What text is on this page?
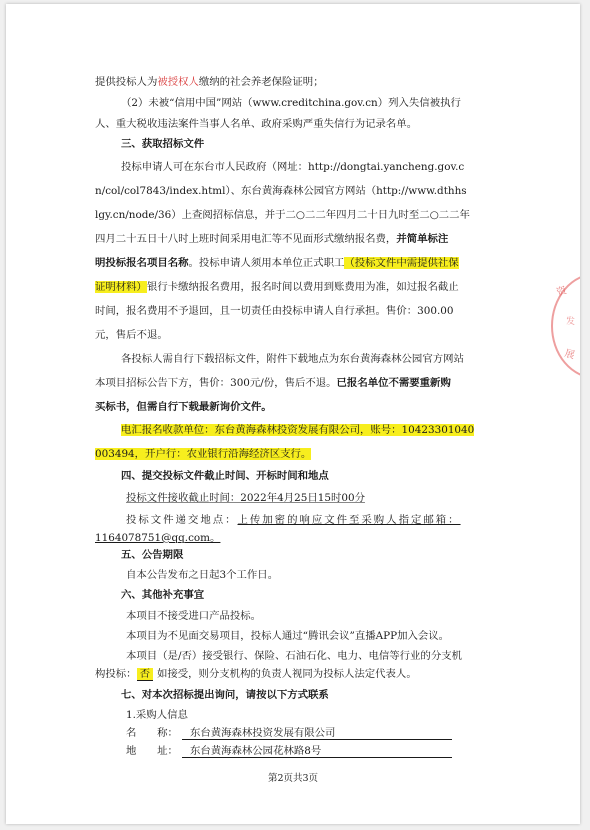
提供投标人为被授权人缴纳的社会养老保险证明；
（2）未被“信用中国”网站（www.creditchina.gov.cn）列入失信被执行
人、重大税收违法案件当事人名单、政府采购严重失信行为记录名单。
三、获取招标文件
投标申请人可在东台市人民政府（网址：http://dongtai.yancheng.gov.c
n/col/col7843/index.html）、东台黄海森林公园官方网站（http://www.dthhs
lgy.cn/node/36）上查阅招标信息，并于二○二二年四月二十日九时至二○二二年
四月二十五日十八时上班时间采用电汇等不见面形式缴纳报名费，并简单标注
明投标报名项目名称。投标申请人须用本单位正式职工（投标文件中需提供社保
证明材料）银行卡缴纳报名费用，报名时间以费用到账费用为准，如过报名截止
时间，报名费用不予退回，且一切责任由投标申请人自行承担。售价：300.00
元，售后不退。
各投标人需自行下载招标文件，附件下载地点为东台黄海森林公园官方网站
本项目招标公告下方，售价：300元/份，售后不退。已报名单位不需要重新购
买标书，但需自行下载最新询价文件。
电汇报名收款单位：东台黄海森林投资发展有限公司，账号：10423301040
003494，开户行：农业银行沿海经济区支行。
四、提交投标文件截止时间、开标时间和地点
投标文件接收截止时间：2022年4月25日15时00分
投标文件递交地点：上传加密的响应文件至采购人指定邮箱：
1164078751@qq.com。
五、公告期限
自本公告发布之日起3个工作日。
六、其他补充事宜
本项目不接受进口产品投标。
本项目为不见面交易项目，投标人通过“腾讯会议”直播APP加入会议。
本项目（是/否）接受银行、保险、石油石化、电力、电信等行业的分支机
构投标： 否 如接受，则分支机构的负责人视同为投标人法定代表人。
七、对本次招标提出询问，请按以下方式联系
1.采购人信息
名　　称： 东台黄海森林投资发展有限公司
地　　址： 东台黄海森林公园花林路8号
第2页共3页
资
发
展
